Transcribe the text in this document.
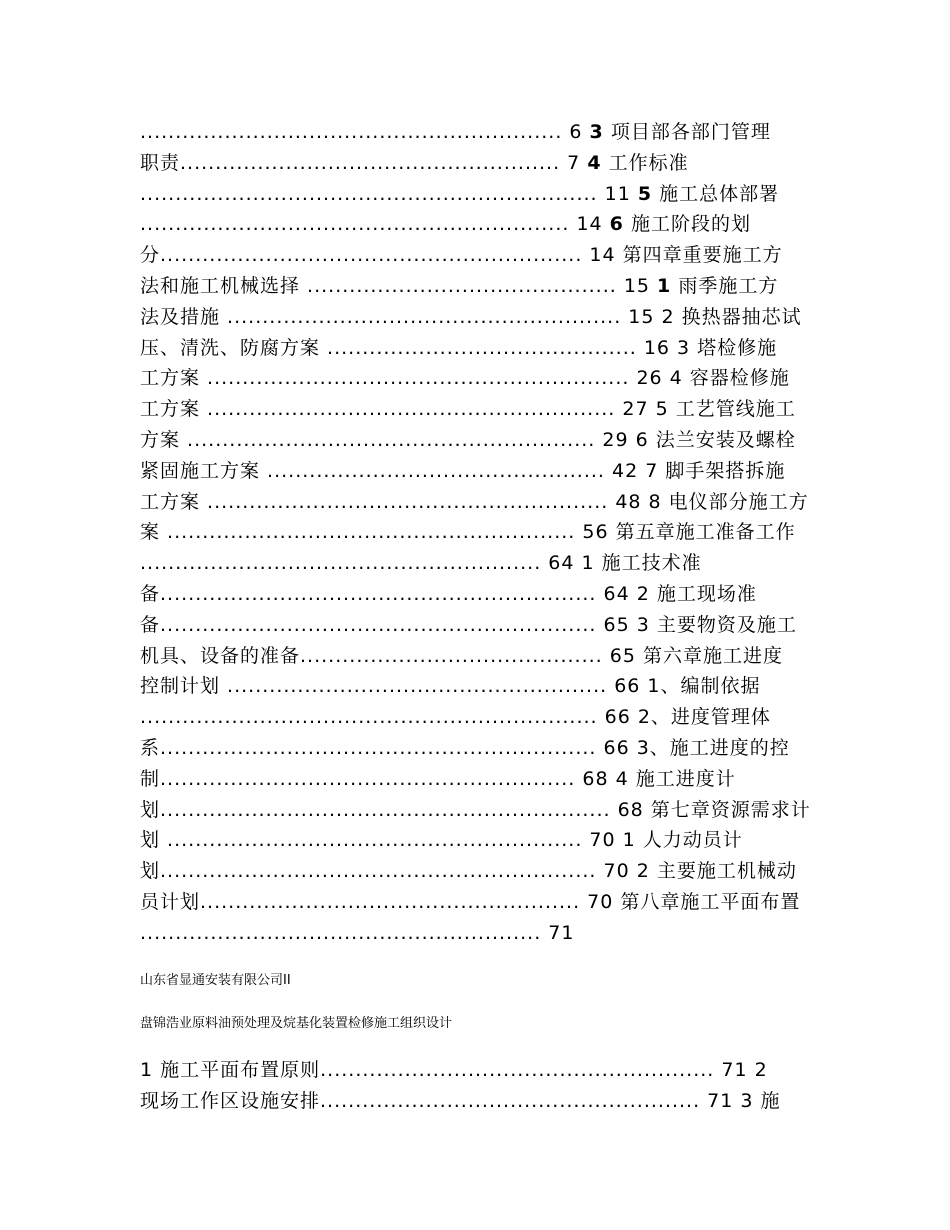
............................................................ 6 3 项目部各部门管理
职责...................................................... 7 4 工作标准
................................................................. 11 5 施工总体部署
............................................................. 14 6 施工阶段的划
分............................................................ 14 第四章重要施工方
法和施工机械选择 ............................................ 15 1 雨季施工方
法及措施 ........................................................ 15 2 换热器抽芯试
压、清洗、防腐方案 ............................................ 16 3 塔检修施
工方案 ............................................................ 26 4 容器检修施
工方案 .......................................................... 27 5 工艺管线施工
方案 .......................................................... 29 6 法兰安装及螺栓
紧固施工方案 ................................................ 42 7 脚手架搭拆施
工方案 ......................................................... 48 8 电仪部分施工方
案 .......................................................... 56 第五章施工准备工作
......................................................... 64 1 施工技术准
备.............................................................. 64 2 施工现场准
备.............................................................. 65 3 主要物资及施工
机具、设备的准备........................................... 65 第六章施工进度
控制计划 ...................................................... 66 1、编制依据
................................................................. 66 2、进度管理体
系.............................................................. 66 3、施工进度的控
制........................................................... 68 4 施工进度计
划................................................................ 68 第七章资源需求计
划 ........................................................... 70 1 人力动员计
划.............................................................. 70 2 主要施工机械动
员计划...................................................... 70 第八章施工平面布置
......................................................... 71
山东省显通安装有限公司II
盘锦浩业原料油预处理及烷基化装置检修施工组织设计
1 施工平面布置原则........................................................ 71 2
现场工作区设施安排...................................................... 71 3 施
